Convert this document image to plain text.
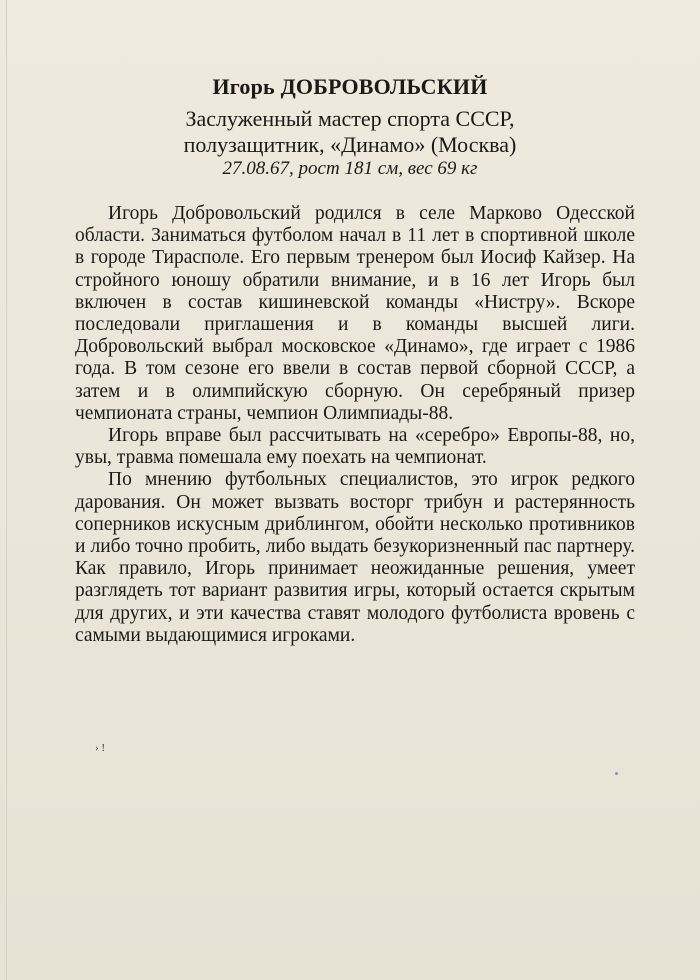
Игорь ДОБРОВОЛЬСКИЙ
Заслуженный мастер спорта СССР,
полузащитник, «Динамо» (Москва)
27.08.67, рост 181 см, вес 69 кг

Игорь Добровольский родился в селе Марково Одесской области. Заниматься футболом начал в 11 лет в спортивной школе в городе Тирасполе. Его первым тренером был Иосиф Кайзер. На стройного юношу обратили внимание, и в 16 лет Игорь был включен в состав кишиневской команды «Нистру». Вскоре последовали приглашения и в команды высшей лиги. Добровольский выбрал московское «Динамо», где играет с 1986 года. В том сезоне его ввели в состав первой сборной СССР, а затем и в олимпийскую сборную. Он серебряный призер чемпионата страны, чемпион Олимпиады-88.

Игорь вправе был рассчитывать на «серебро» Европы-88, но, увы, травма помешала ему поехать на чемпионат.

По мнению футбольных специалистов, это игрок редкого дарования. Он может вызвать восторг трибун и растерянность соперников искусным дриблингом, обойти несколько противников и либо точно пробить, либо выдать безукоризненный пас партнеру. Как правило, Игорь принимает неожиданные решения, умеет разглядеть тот вариант развития игры, который остается скрытым для других, и эти качества ставят молодого футболиста вровень с самыми выдающимися игроками.

› !
